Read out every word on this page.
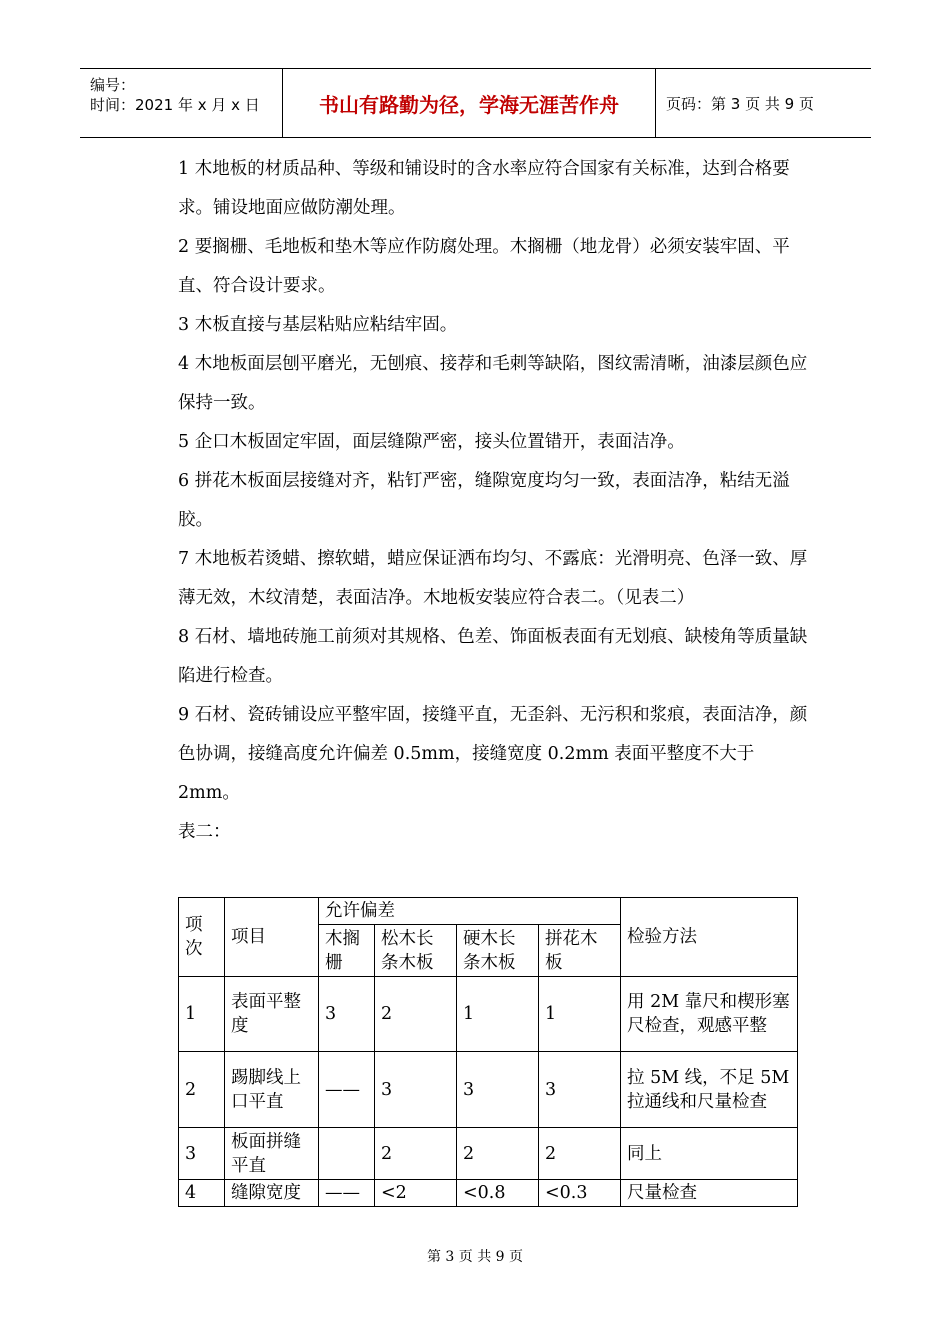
编号：
时间：2021 年 x 月 x 日	书山有路勤为径，学海无涯苦作舟	页码：第 3 页 共 9 页

1 木地板的材质品种、等级和铺设时的含水率应符合国家有关标准，达到合格要求。铺设地面应做防潮处理。

2 要搁栅、毛地板和垫木等应作防腐处理。木搁栅（地龙骨）必须安装牢固、平直、符合设计要求。

3 木板直接与基层粘贴应粘结牢固。

4 木地板面层刨平磨光，无刨痕、接荐和毛刺等缺陷，图纹需清晰，油漆层颜色应保持一致。

5 企口木板固定牢固，面层缝隙严密，接头位置错开，表面洁净。

6 拼花木板面层接缝对齐，粘钉严密，缝隙宽度均匀一致，表面洁净，粘结无溢胶。

7 木地板若烫蜡、擦软蜡，蜡应保证洒布均匀、不露底：光滑明亮、色泽一致、厚薄无效，木纹清楚，表面洁净。木地板安装应符合表二。（见表二）

8 石材、墙地砖施工前须对其规格、色差、饰面板表面有无划痕、缺棱角等质量缺陷进行检查。

9 石材、瓷砖铺设应平整牢固，接缝平直，无歪斜、无污积和浆痕，表面洁净，颜色协调，接缝高度允许偏差 0.5mm，接缝宽度 0.2mm 表面平整度不大于 2mm。

表二：

项次	项目	允许偏差				检验方法
		木搁栅	松木长条木板	硬木长条木板	拼花木板	
1	表面平整度	3	2	1	1	用 2M 靠尺和楔形塞尺检查，观感平整
2	踢脚线上口平直	——	3	3	3	拉 5M 线，不足 5M 拉通线和尺量检查
3	板面拼缝平直		2	2	2	同上
4	缝隙宽度	——	<2	<0.8	<0.3	尺量检查
第 3 页 共 9 页
